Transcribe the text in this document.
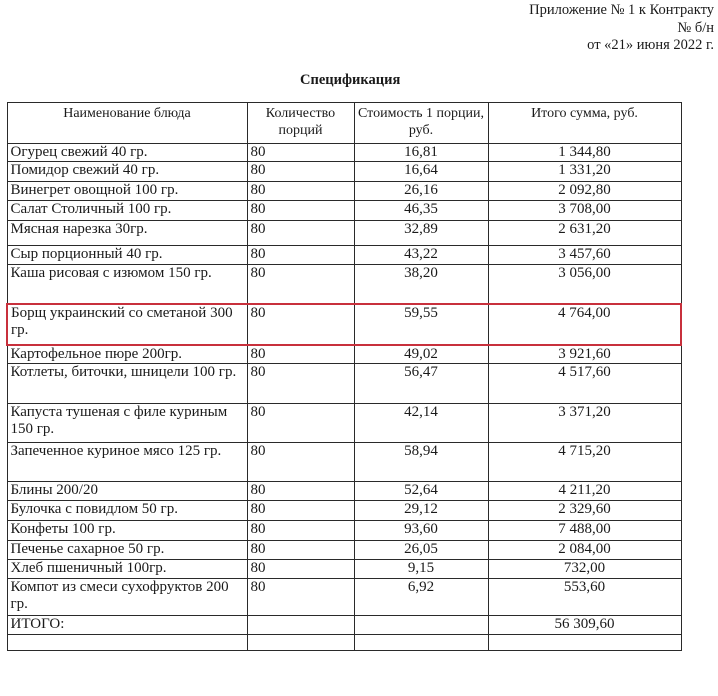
Приложение № 1 к Контракту
№ б/н
от «21» июня 2022 г.
Спецификация
Наименование блюда	Количество порций	Стоимость 1 порции, руб.	Итого сумма, руб.
Огурец свежий 40 гр.	80	16,81	1 344,80
Помидор свежий 40 гр.	80	16,64	1 331,20
Винегрет овощной 100 гр.	80	26,16	2 092,80
Салат Столичный 100 гр.	80	46,35	3 708,00
Мясная нарезка 30гр.	80	32,89	2 631,20
Сыр порционный 40 гр.	80	43,22	3 457,60
Каша рисовая с изюмом 150 гр.	80	38,20	3 056,00
Борщ украинский со сметаной 300 гр.	80	59,55	4 764,00
Картофельное пюре 200гр.	80	49,02	3 921,60
Котлеты, биточки, шницели 100 гр.	80	56,47	4 517,60
Капуста тушеная с филе куриным 150 гр.	80	42,14	3 371,20
Запеченное куриное мясо 125 гр.	80	58,94	4 715,20
Блины 200/20	80	52,64	4 211,20
Булочка с повидлом 50 гр.	80	29,12	2 329,60
Конфеты 100 гр.	80	93,60	7 488,00
Печенье сахарное 50 гр.	80	26,05	2 084,00
Хлеб пшеничный 100гр.	80	9,15	732,00
Компот из смеси сухофруктов 200 гр.	80	6,92	553,60
ИТОГО:			56 309,60
